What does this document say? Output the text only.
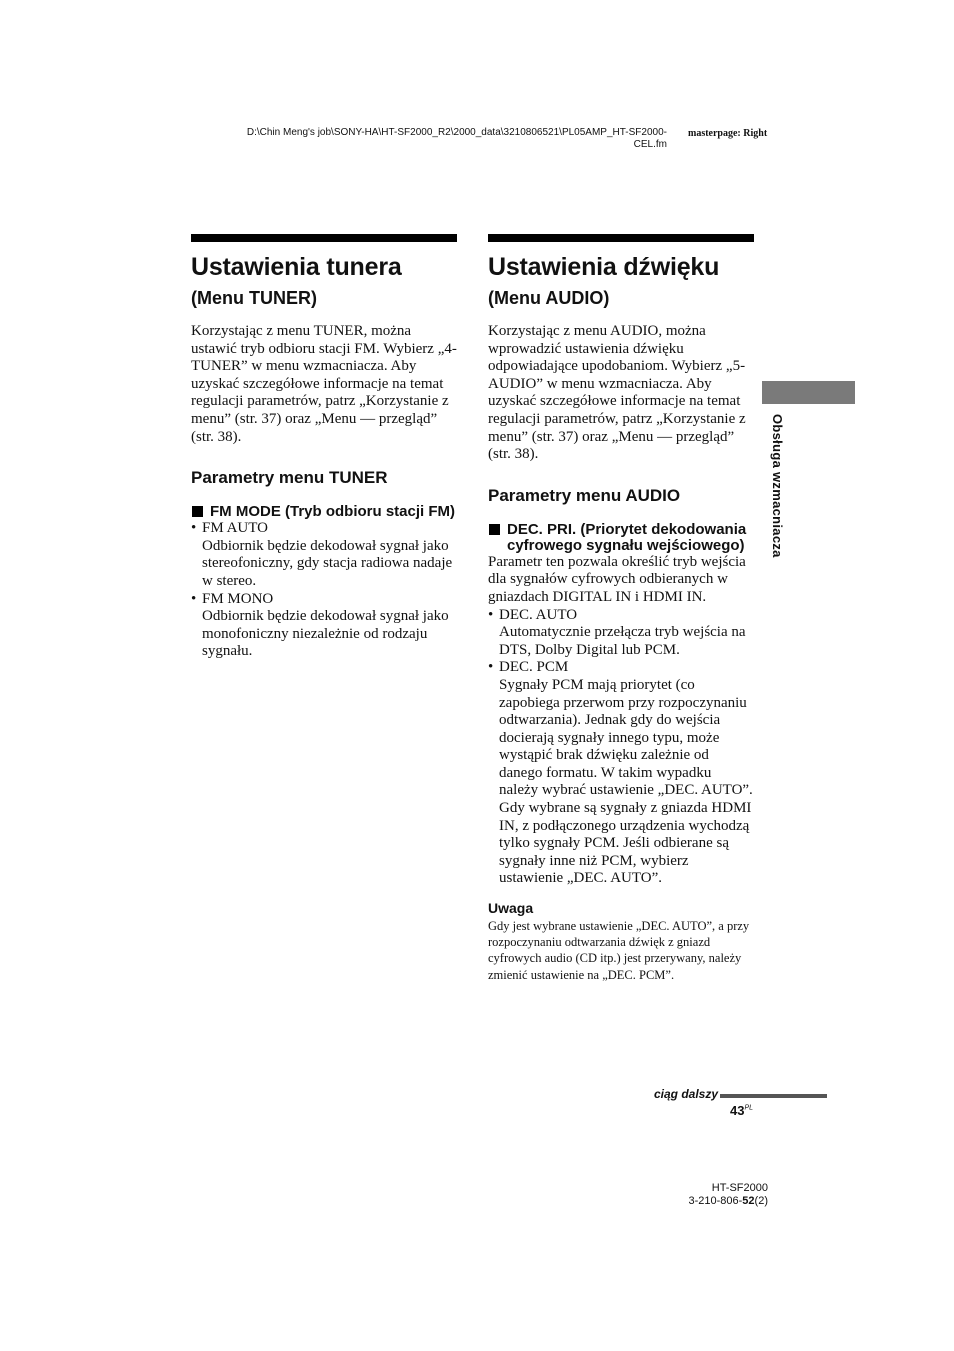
D:\Chin Meng's job\SONY-HA\HT-SF2000_R2\2000_data\3210806521\PL05AMP_HT-SF2000-
CEL.fm
masterpage: Right
Ustawienia tunera
(Menu TUNER)
Korzystając z menu TUNER, można ustawić tryb odbioru stacji FM. Wybierz „4-TUNER” w menu wzmacniacza. Aby uzyskać szczegółowe informacje na temat regulacji parametrów, patrz „Korzystanie z menu” (str. 37) oraz „Menu — przegląd” (str. 38).
Parametry menu TUNER
FM MODE (Tryb odbioru stacji FM)
• FM AUTO
Odbiornik będzie dekodował sygnał jako stereofoniczny, gdy stacja radiowa nadaje w stereo.
• FM MONO
Odbiornik będzie dekodował sygnał jako monofoniczny niezależnie od rodzaju sygnału.
Ustawienia dźwięku
(Menu AUDIO)
Korzystając z menu AUDIO, można wprowadzić ustawienia dźwięku odpowiadające upodobaniom. Wybierz „5-AUDIO” w menu wzmacniacza. Aby uzyskać szczegółowe informacje na temat regulacji parametrów, patrz „Korzystanie z menu” (str. 37) oraz „Menu — przegląd” (str. 38).
Parametry menu AUDIO
DEC. PRI. (Priorytet dekodowania cyfrowego sygnału wejściowego)
Parametr ten pozwala określić tryb wejścia dla sygnałów cyfrowych odbieranych w gniazdach DIGITAL IN i HDMI IN.
• DEC. AUTO
Automatycznie przełącza tryb wejścia na DTS, Dolby Digital lub PCM.
• DEC. PCM
Sygnały PCM mają priorytet (co zapobiega przerwom przy rozpoczynaniu odtwarzania). Jednak gdy do wejścia docierają sygnały innego typu, może wystąpić brak dźwięku zależnie od danego formatu. W takim wypadku należy wybrać ustawienie „DEC. AUTO”.
Gdy wybrane są sygnały z gniazda HDMI IN, z podłączonego urządzenia wychodzą tylko sygnały PCM. Jeśli odbierane są sygnały inne niż PCM, wybierz ustawienie „DEC. AUTO”.
Uwaga
Gdy jest wybrane ustawienie „DEC. AUTO”, a przy rozpoczynaniu odtwarzania dźwięk z gniazd cyfrowych audio (CD itp.) jest przerywany, należy zmienić ustawienie na „DEC. PCM”.
Obsługa wzmacniacza
ciąg dalszy
$43^{PL}$
HT-SF2000
3-210-806-52(2)
